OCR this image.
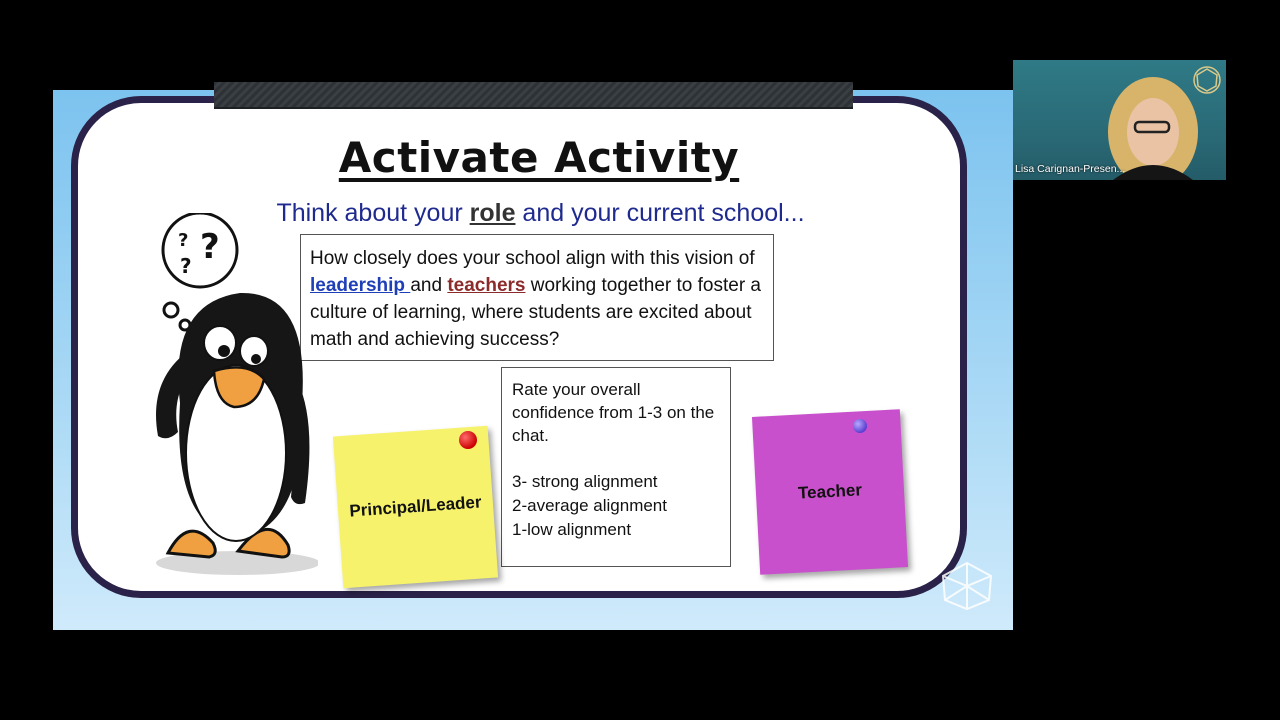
Activate Activity
Think about your role and your current school...
How closely does your school align with this vision of leadership and teachers working together to foster a culture of learning, where students are excited about math and achieving success?
Rate your overall confidence from 1-3 on the chat.
3- strong alignment
2-average alignment
1-low alignment
? ?
?
Principal/Leader
Teacher
Lisa Carignan-Presen...
